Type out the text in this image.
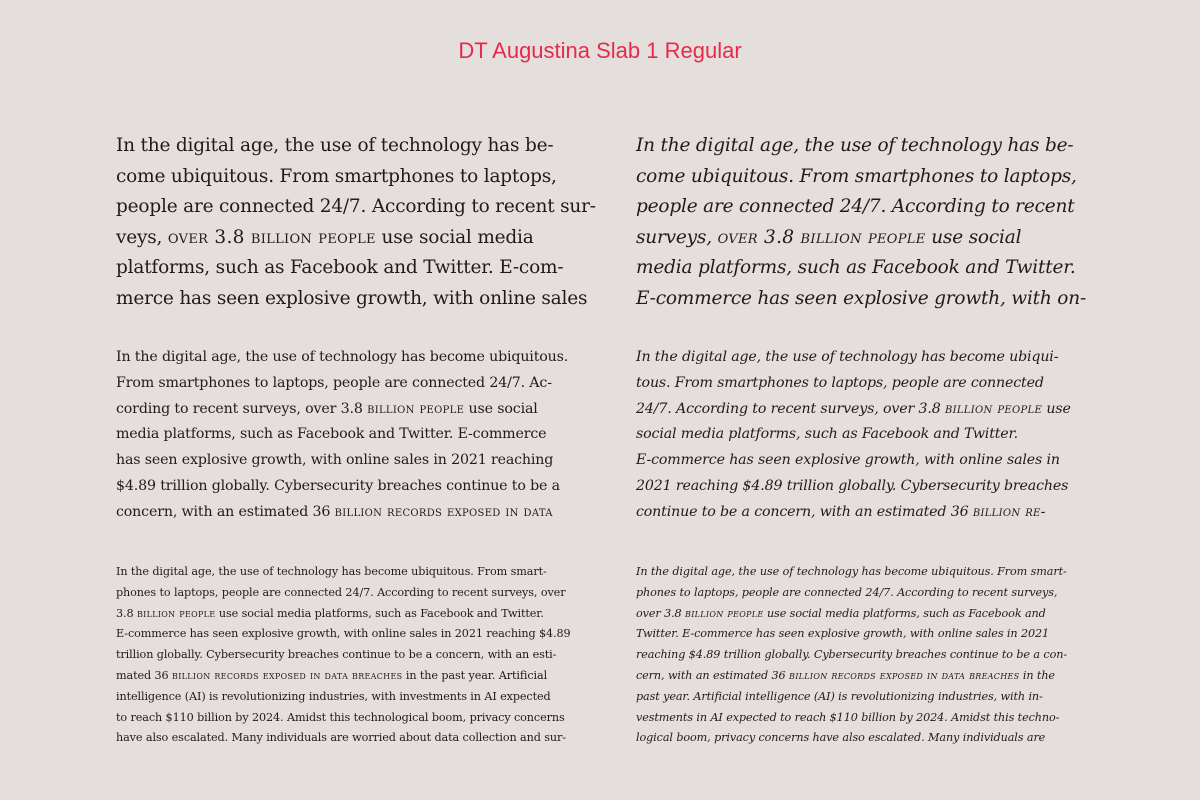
DT Augustina Slab 1 Regular
In the digital age, the use of technology has be-
come ubiquitous. From smartphones to laptops,
people are connected 24/7. According to recent sur-
veys, over 3.8 billion people use social media
platforms, such as Facebook and Twitter. E-com-
merce has seen explosive growth, with online sales
In the digital age, the use of technology has be-
come ubiquitous. From smartphones to laptops,
people are connected 24/7. According to recent
surveys, over 3.8 billion people use social
media platforms, such as Facebook and Twitter.
E-commerce has seen explosive growth, with on-
In the digital age, the use of technology has become ubiquitous.
From smartphones to laptops, people are connected 24/7. Ac-
cording to recent surveys, over 3.8 billion people use social
media platforms, such as Facebook and Twitter. E-commerce
has seen explosive growth, with online sales in 2021 reaching
$4.89 trillion globally. Cybersecurity breaches continue to be a
concern, with an estimated 36 billion records exposed in data
In the digital age, the use of technology has become ubiqui-
tous. From smartphones to laptops, people are connected
24/7. According to recent surveys, over 3.8 billion people use
social media platforms, such as Facebook and Twitter.
E-commerce has seen explosive growth, with online sales in
2021 reaching $4.89 trillion globally. Cybersecurity breaches
continue to be a concern, with an estimated 36 billion re-
In the digital age, the use of technology has become ubiquitous. From smart-
phones to laptops, people are connected 24/7. According to recent surveys, over
3.8 billion people use social media platforms, such as Facebook and Twitter.
E-commerce has seen explosive growth, with online sales in 2021 reaching $4.89
trillion globally. Cybersecurity breaches continue to be a concern, with an esti-
mated 36 billion records exposed in data breaches in the past year. Artificial
intelligence (AI) is revolutionizing industries, with investments in AI expected
to reach $110 billion by 2024. Amidst this technological boom, privacy concerns
have also escalated. Many individuals are worried about data collection and sur-
In the digital age, the use of technology has become ubiquitous. From smart-
phones to laptops, people are connected 24/7. According to recent surveys,
over 3.8 billion people use social media platforms, such as Facebook and
Twitter. E-commerce has seen explosive growth, with online sales in 2021
reaching $4.89 trillion globally. Cybersecurity breaches continue to be a con-
cern, with an estimated 36 billion records exposed in data breaches in the
past year. Artificial intelligence (AI) is revolutionizing industries, with in-
vestments in AI expected to reach $110 billion by 2024. Amidst this techno-
logical boom, privacy concerns have also escalated. Many individuals are
